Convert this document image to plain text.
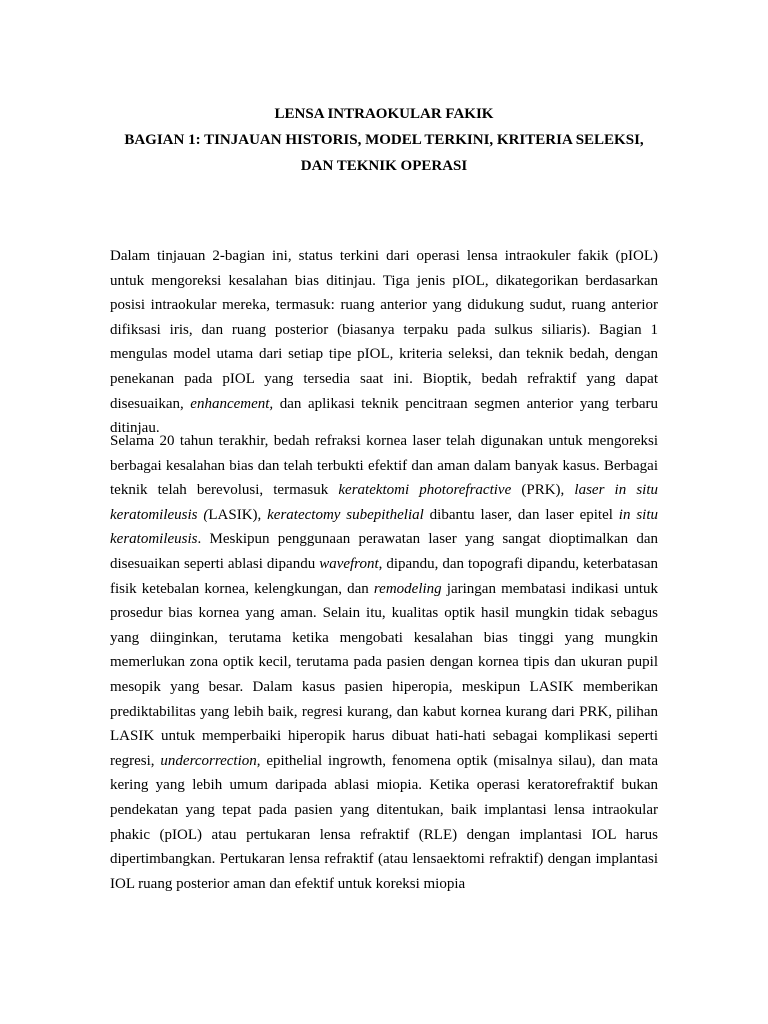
LENSA INTRAOKULAR FAKIK
BAGIAN 1: TINJAUAN HISTORIS, MODEL TERKINI, KRITERIA SELEKSI,
DAN TEKNIK OPERASI

Dalam tinjauan 2-bagian ini, status terkini dari operasi lensa intraokuler fakik (pIOL) untuk mengoreksi kesalahan bias ditinjau. Tiga jenis pIOL, dikategorikan berdasarkan posisi intraokular mereka, termasuk: ruang anterior yang didukung sudut, ruang anterior difiksasi iris, dan ruang posterior (biasanya terpaku pada sulkus siliaris). Bagian 1 mengulas model utama dari setiap tipe pIOL, kriteria seleksi, dan teknik bedah, dengan penekanan pada pIOL yang tersedia saat ini. Bioptik, bedah refraktif yang dapat disesuaikan, enhancement, dan aplikasi teknik pencitraan segmen anterior yang terbaru ditinjau.

Selama 20 tahun terakhir, bedah refraksi kornea laser telah digunakan untuk mengoreksi berbagai kesalahan bias dan telah terbukti efektif dan aman dalam banyak kasus. Berbagai teknik telah berevolusi, termasuk keratektomi photorefractive (PRK), laser in situ keratomileusis (LASIK), keratectomy subepithelial dibantu laser, dan laser epitel in situ keratomileusis. Meskipun penggunaan perawatan laser yang sangat dioptimalkan dan disesuaikan seperti ablasi dipandu wavefront, dipandu, dan topografi dipandu, keterbatasan fisik ketebalan kornea, kelengkungan, dan remodeling jaringan membatasi indikasi untuk prosedur bias kornea yang aman. Selain itu, kualitas optik hasil mungkin tidak sebagus yang diinginkan, terutama ketika mengobati kesalahan bias tinggi yang mungkin memerlukan zona optik kecil, terutama pada pasien dengan kornea tipis dan ukuran pupil mesopik yang besar. Dalam kasus pasien hiperopia, meskipun LASIK memberikan prediktabilitas yang lebih baik, regresi kurang, dan kabut kornea kurang dari PRK, pilihan LASIK untuk memperbaiki hiperopik harus dibuat hati-hati sebagai komplikasi seperti regresi, undercorrection, epithelial ingrowth, fenomena optik (misalnya silau), dan mata kering yang lebih umum daripada ablasi miopia. Ketika operasi keratorefraktif bukan pendekatan yang tepat pada pasien yang ditentukan, baik implantasi lensa intraokular phakic (pIOL) atau pertukaran lensa refraktif (RLE) dengan implantasi IOL harus dipertimbangkan. Pertukaran lensa refraktif (atau lensaektomi refraktif) dengan implantasi IOL ruang posterior aman dan efektif untuk koreksi miopia
